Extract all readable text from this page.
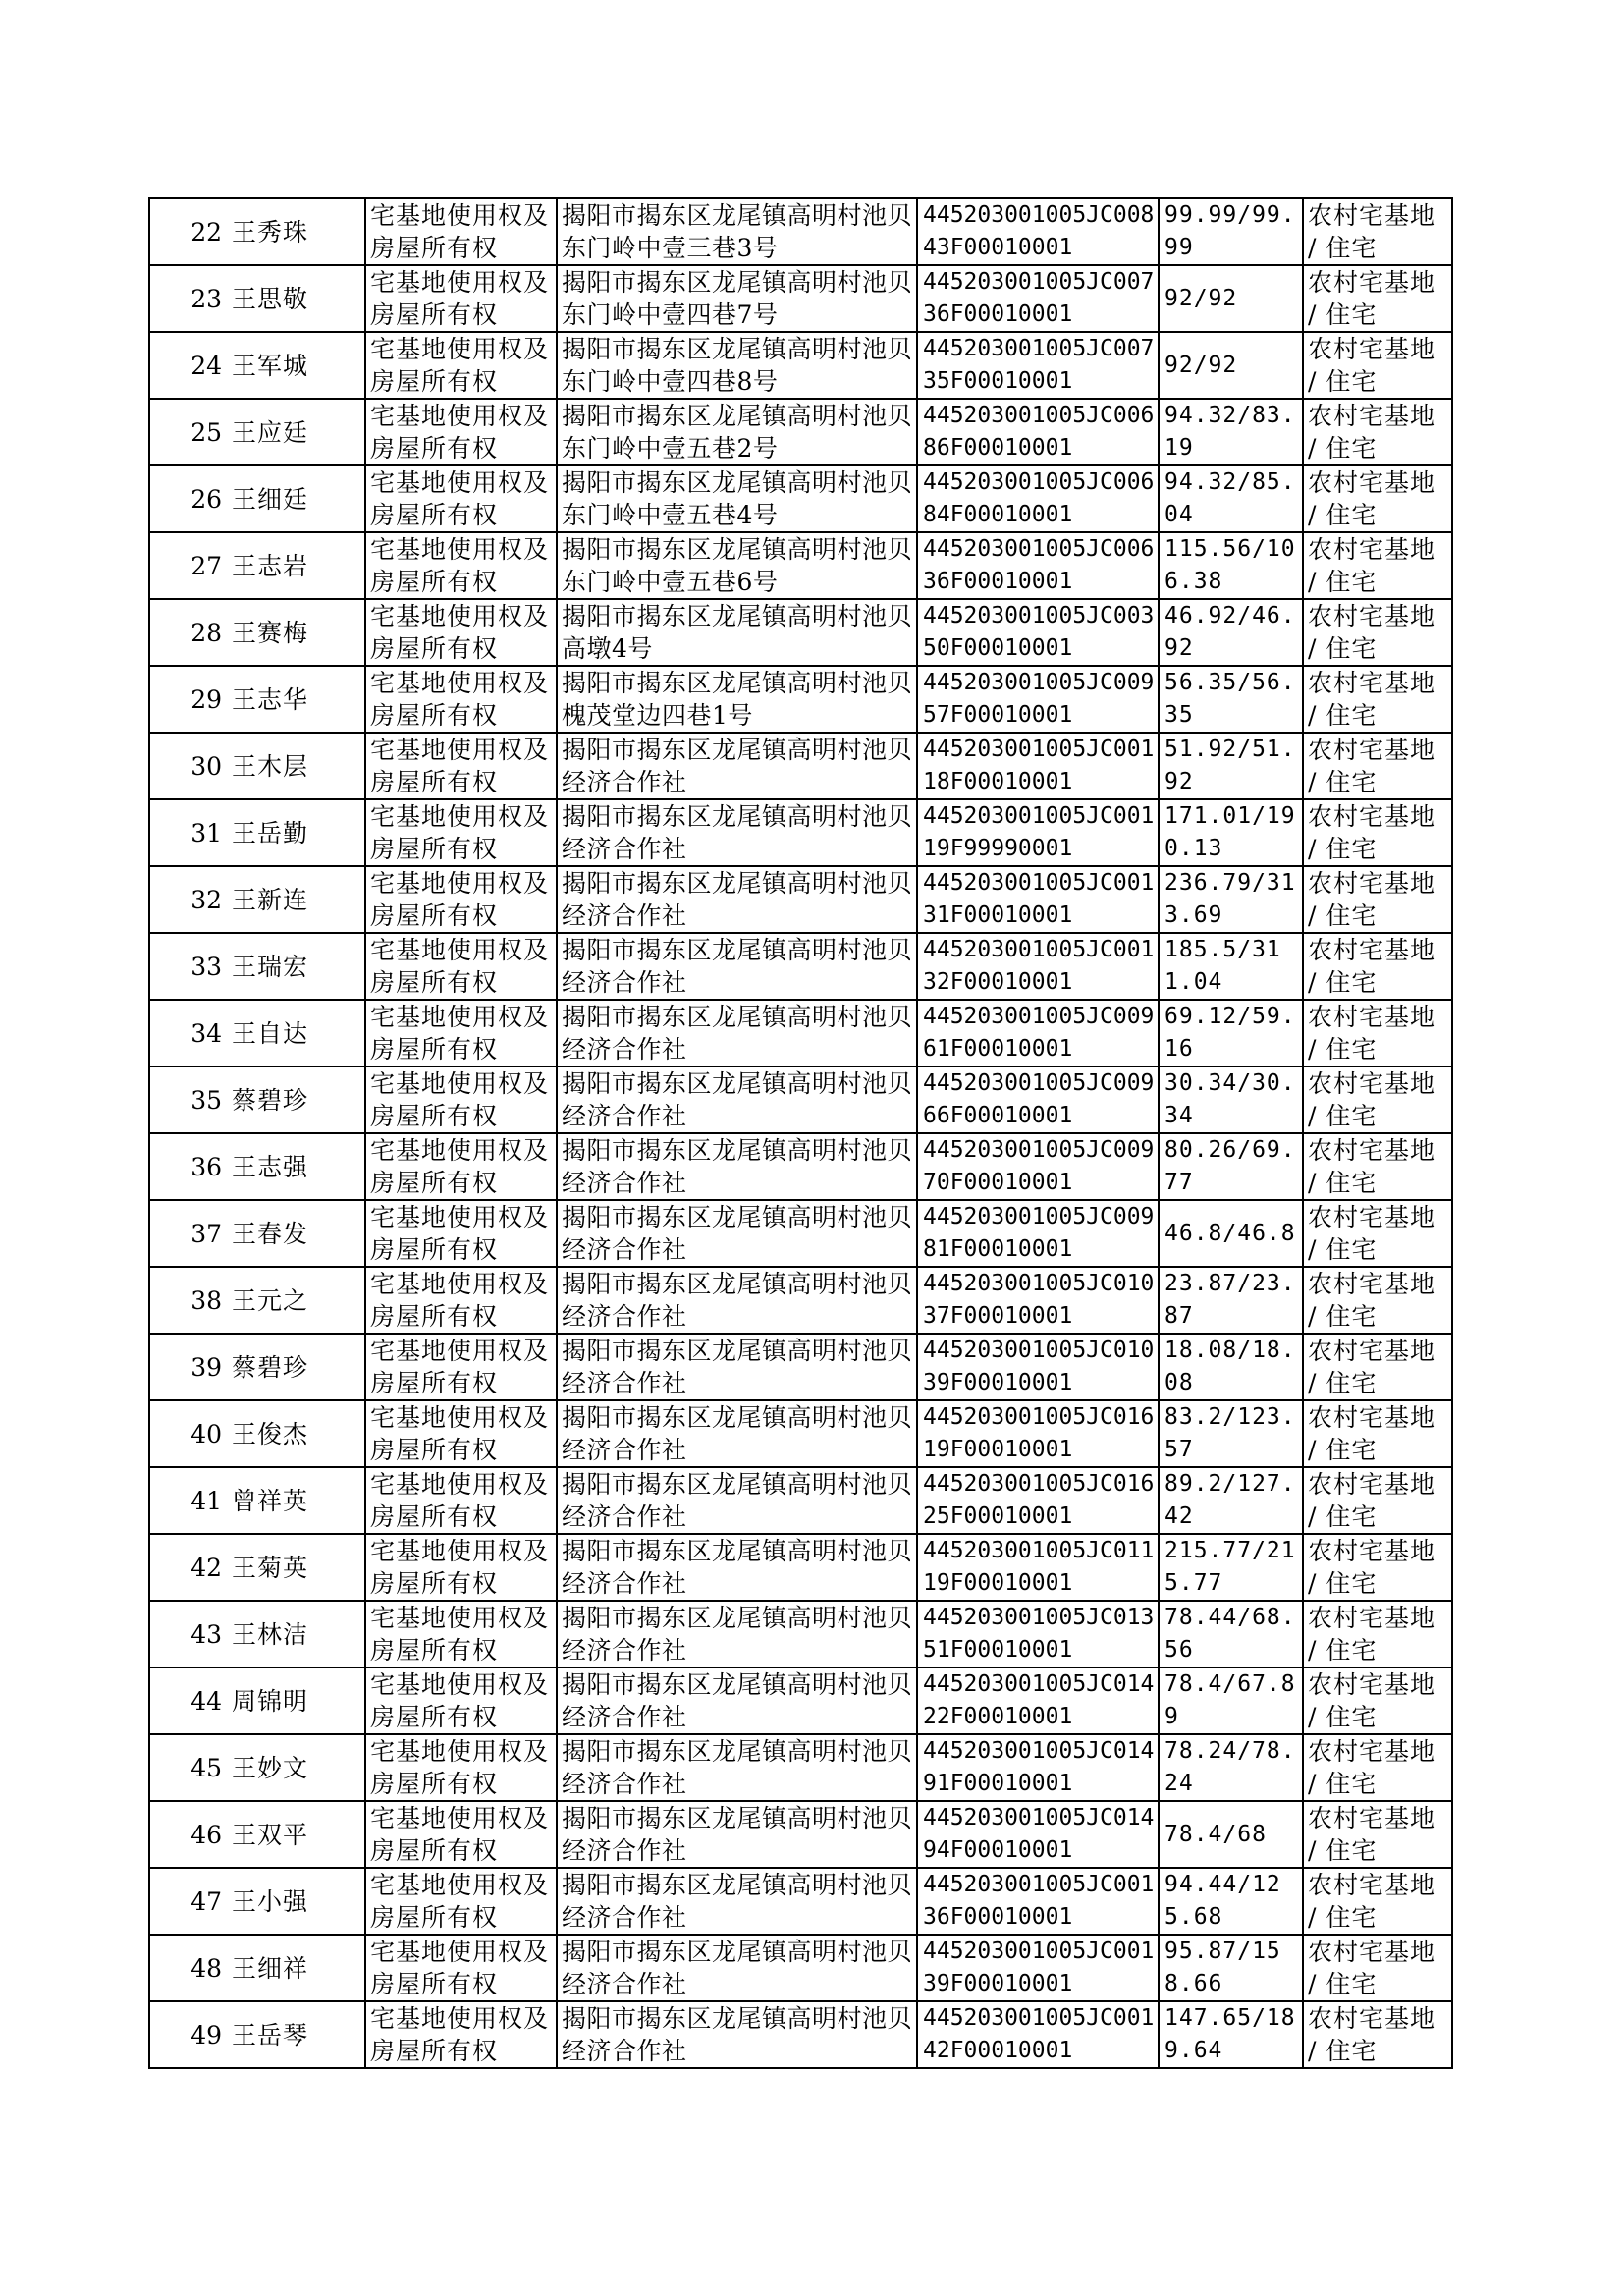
22	王秀珠	宅基地使用权及房屋所有权	揭阳市揭东区龙尾镇高明村池贝东门岭中壹三巷3号	445203001005JC00843F00010001	99.99/99.99	农村宅基地 / 住宅
23	王思敬	宅基地使用权及房屋所有权	揭阳市揭东区龙尾镇高明村池贝东门岭中壹四巷7号	445203001005JC00736F00010001	92/92	农村宅基地 / 住宅
24	王军城	宅基地使用权及房屋所有权	揭阳市揭东区龙尾镇高明村池贝东门岭中壹四巷8号	445203001005JC00735F00010001	92/92	农村宅基地 / 住宅
25	王应廷	宅基地使用权及房屋所有权	揭阳市揭东区龙尾镇高明村池贝东门岭中壹五巷2号	445203001005JC00686F00010001	94.32/83.19	农村宅基地 / 住宅
26	王细廷	宅基地使用权及房屋所有权	揭阳市揭东区龙尾镇高明村池贝东门岭中壹五巷4号	445203001005JC00684F00010001	94.32/85.04	农村宅基地 / 住宅
27	王志岩	宅基地使用权及房屋所有权	揭阳市揭东区龙尾镇高明村池贝东门岭中壹五巷6号	445203001005JC00636F00010001	115.56/106.38	农村宅基地 / 住宅
28	王赛梅	宅基地使用权及房屋所有权	揭阳市揭东区龙尾镇高明村池贝高墩4号	445203001005JC00350F00010001	46.92/46.92	农村宅基地 / 住宅
29	王志华	宅基地使用权及房屋所有权	揭阳市揭东区龙尾镇高明村池贝槐茂堂边四巷1号	445203001005JC00957F00010001	56.35/56.35	农村宅基地 / 住宅
30	王木层	宅基地使用权及房屋所有权	揭阳市揭东区龙尾镇高明村池贝经济合作社	445203001005JC00118F00010001	51.92/51.92	农村宅基地 / 住宅
31	王岳勤	宅基地使用权及房屋所有权	揭阳市揭东区龙尾镇高明村池贝经济合作社	445203001005JC00119F99990001	171.01/190.13	农村宅基地 / 住宅
32	王新连	宅基地使用权及房屋所有权	揭阳市揭东区龙尾镇高明村池贝经济合作社	445203001005JC00131F00010001	236.79/313.69	农村宅基地 / 住宅
33	王瑞宏	宅基地使用权及房屋所有权	揭阳市揭东区龙尾镇高明村池贝经济合作社	445203001005JC00132F00010001	185.5/311.04	农村宅基地 / 住宅
34	王自达	宅基地使用权及房屋所有权	揭阳市揭东区龙尾镇高明村池贝经济合作社	445203001005JC00961F00010001	69.12/59.16	农村宅基地 / 住宅
35	蔡碧珍	宅基地使用权及房屋所有权	揭阳市揭东区龙尾镇高明村池贝经济合作社	445203001005JC00966F00010001	30.34/30.34	农村宅基地 / 住宅
36	王志强	宅基地使用权及房屋所有权	揭阳市揭东区龙尾镇高明村池贝经济合作社	445203001005JC00970F00010001	80.26/69.77	农村宅基地 / 住宅
37	王春发	宅基地使用权及房屋所有权	揭阳市揭东区龙尾镇高明村池贝经济合作社	445203001005JC00981F00010001	46.8/46.8	农村宅基地 / 住宅
38	王元之	宅基地使用权及房屋所有权	揭阳市揭东区龙尾镇高明村池贝经济合作社	445203001005JC01037F00010001	23.87/23.87	农村宅基地 / 住宅
39	蔡碧珍	宅基地使用权及房屋所有权	揭阳市揭东区龙尾镇高明村池贝经济合作社	445203001005JC01039F00010001	18.08/18.08	农村宅基地 / 住宅
40	王俊杰	宅基地使用权及房屋所有权	揭阳市揭东区龙尾镇高明村池贝经济合作社	445203001005JC01619F00010001	83.2/123.57	农村宅基地 / 住宅
41	曾祥英	宅基地使用权及房屋所有权	揭阳市揭东区龙尾镇高明村池贝经济合作社	445203001005JC01625F00010001	89.2/127.42	农村宅基地 / 住宅
42	王菊英	宅基地使用权及房屋所有权	揭阳市揭东区龙尾镇高明村池贝经济合作社	445203001005JC01119F00010001	215.77/215.77	农村宅基地 / 住宅
43	王林洁	宅基地使用权及房屋所有权	揭阳市揭东区龙尾镇高明村池贝经济合作社	445203001005JC01351F00010001	78.44/68.56	农村宅基地 / 住宅
44	周锦明	宅基地使用权及房屋所有权	揭阳市揭东区龙尾镇高明村池贝经济合作社	445203001005JC01422F00010001	78.4/67.89	农村宅基地 / 住宅
45	王妙文	宅基地使用权及房屋所有权	揭阳市揭东区龙尾镇高明村池贝经济合作社	445203001005JC01491F00010001	78.24/78.24	农村宅基地 / 住宅
46	王双平	宅基地使用权及房屋所有权	揭阳市揭东区龙尾镇高明村池贝经济合作社	445203001005JC01494F00010001	78.4/68	农村宅基地 / 住宅
47	王小强	宅基地使用权及房屋所有权	揭阳市揭东区龙尾镇高明村池贝经济合作社	445203001005JC00136F00010001	94.44/125.68	农村宅基地 / 住宅
48	王细祥	宅基地使用权及房屋所有权	揭阳市揭东区龙尾镇高明村池贝经济合作社	445203001005JC00139F00010001	95.87/158.66	农村宅基地 / 住宅
49	王岳琴	宅基地使用权及房屋所有权	揭阳市揭东区龙尾镇高明村池贝经济合作社	445203001005JC00142F00010001	147.65/189.64	农村宅基地 / 住宅
